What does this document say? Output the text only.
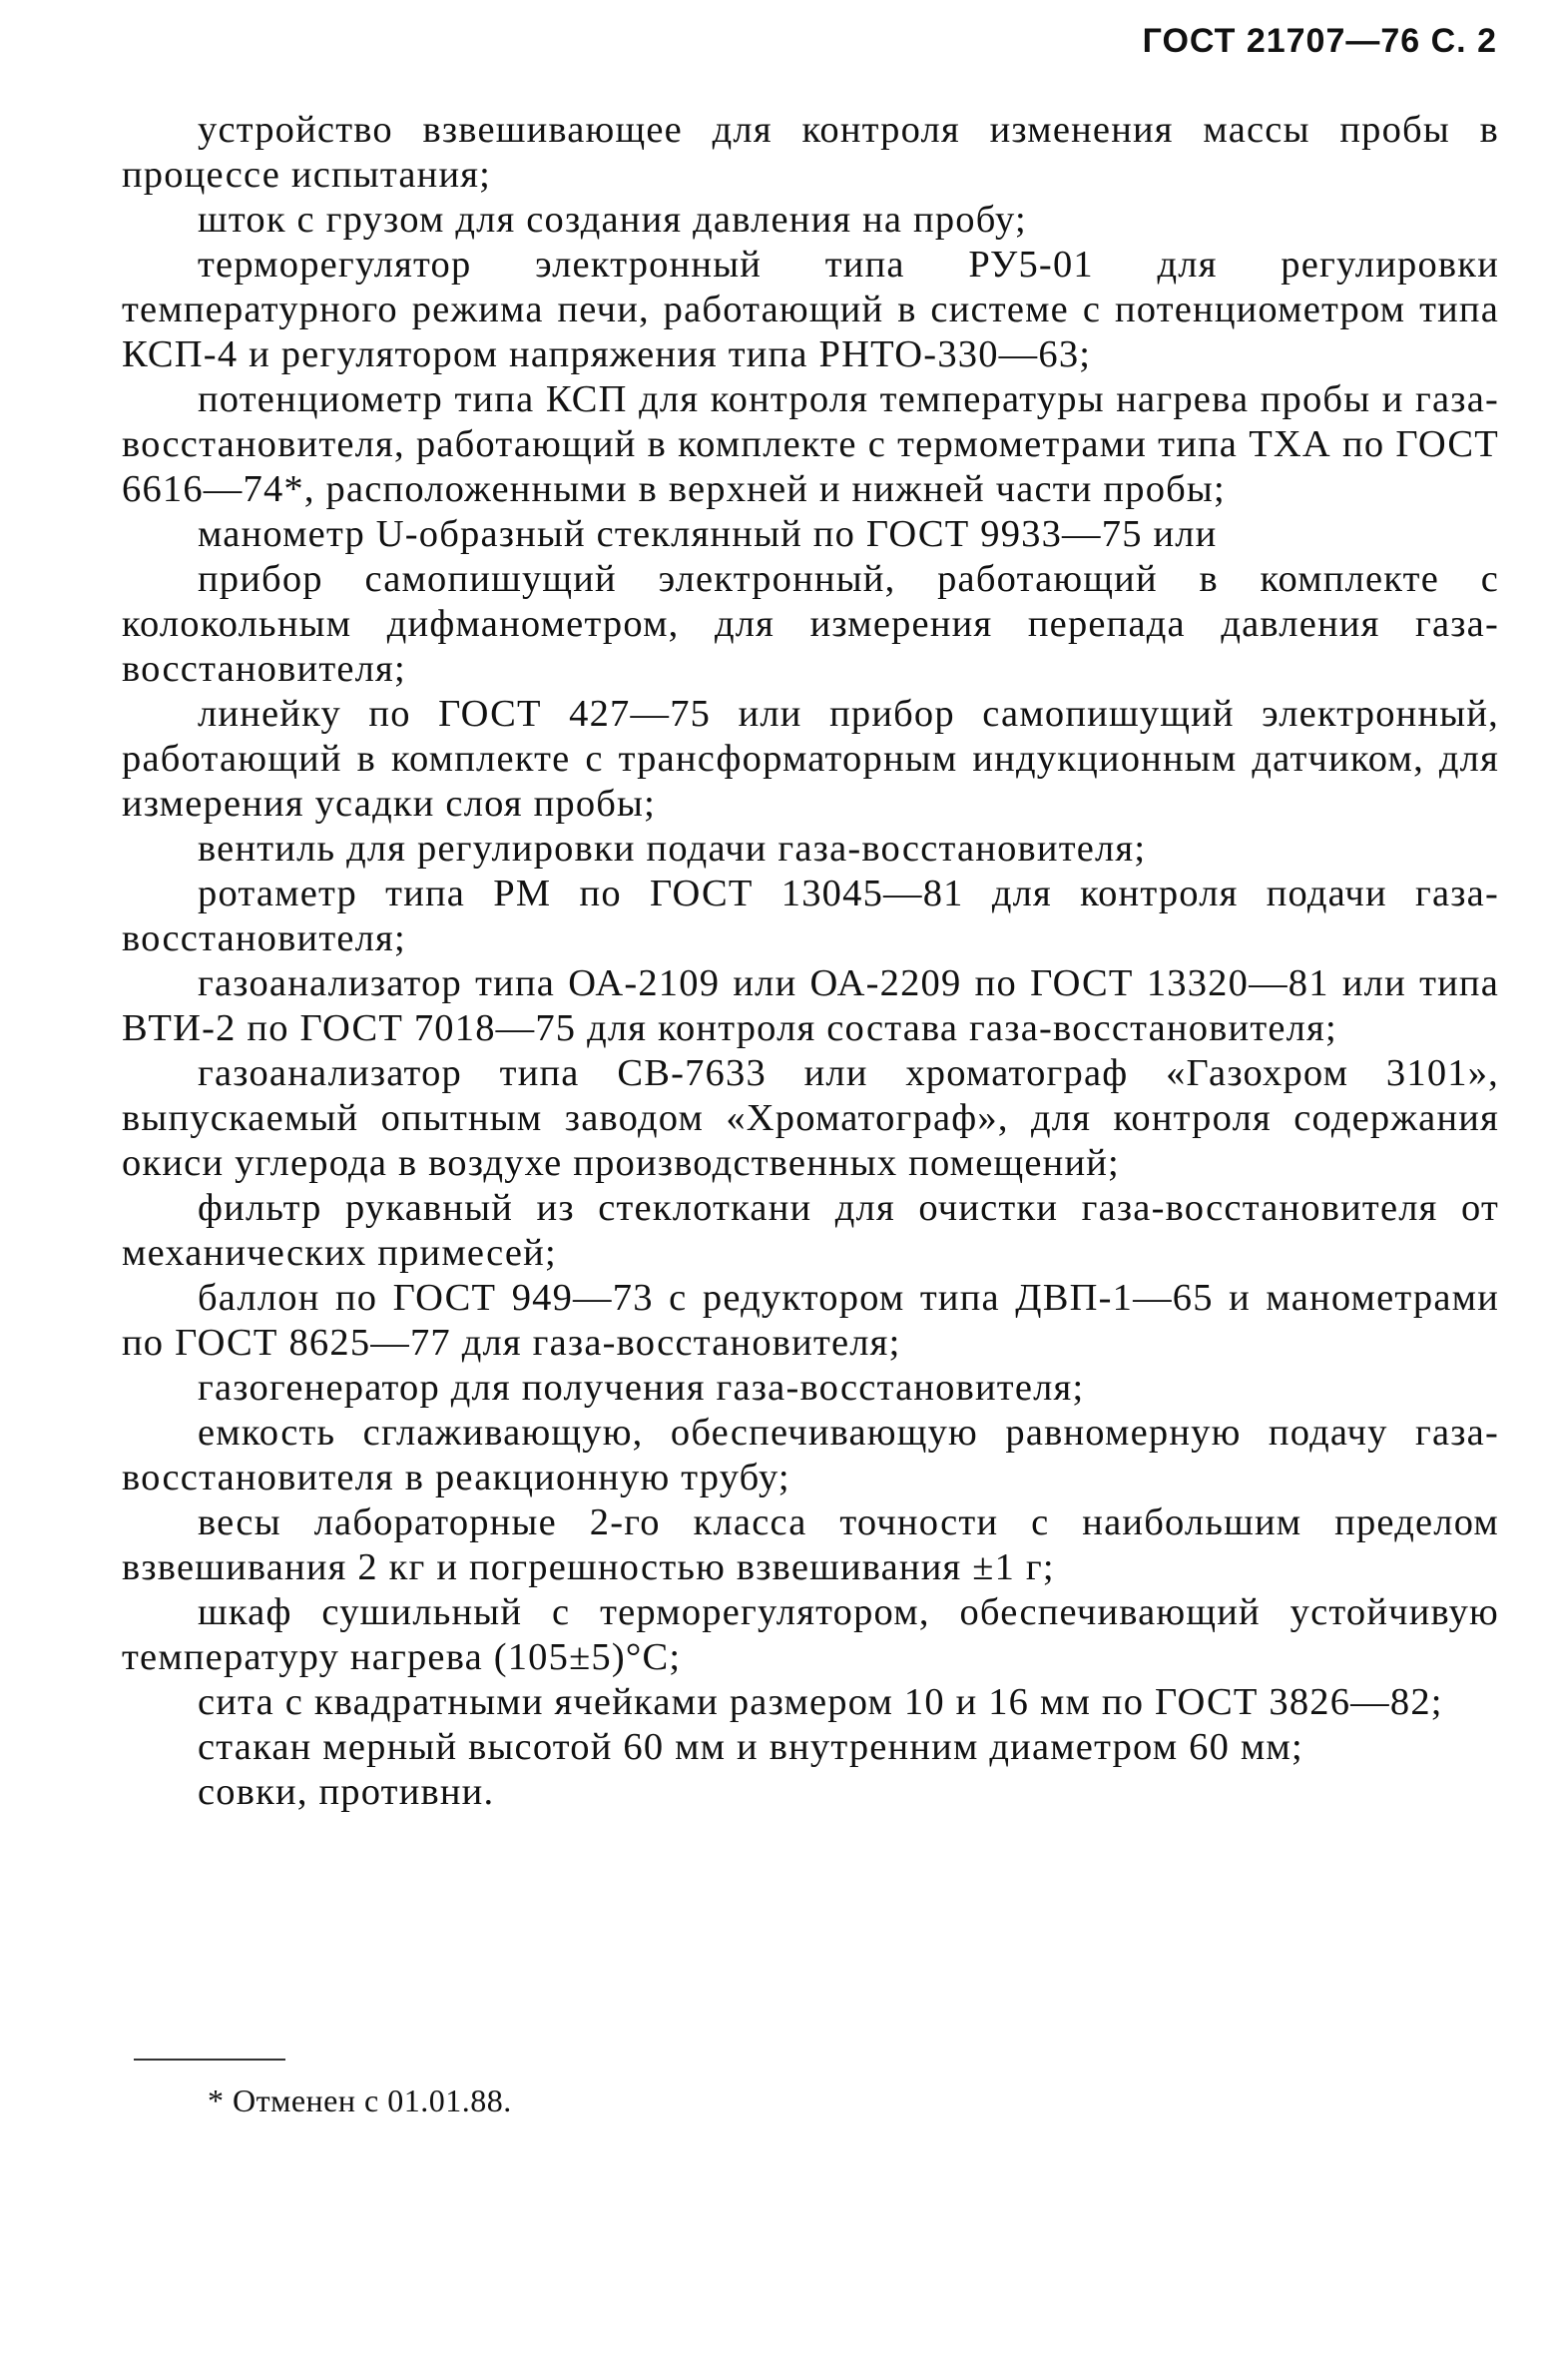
ГОСТ 21707—76 С. 2

устройство взвешивающее для контроля изменения массы пробы в процессе испытания;

шток с грузом для создания давления на пробу;

терморегулятор электронный типа РУ5-01 для регулировки температурного режима печи, работающий в системе с потенциометром типа КСП-4 и регулятором напряжения типа РНТО-330—63;

потенциометр типа КСП для контроля температуры нагрева пробы и газа-восстановителя, работающий в комплекте с термометрами типа ТХА по ГОСТ 6616—74*, расположенными в верхней и нижней части пробы;

манометр U-образный стеклянный по ГОСТ 9933—75 или

прибор самопишущий электронный, работающий в комплекте с колокольным дифманометром, для измерения перепада давления газа-восстановителя;

линейку по ГОСТ 427—75 или прибор самопишущий электронный, работающий в комплекте с трансформаторным индукционным датчиком, для измерения усадки слоя пробы;

вентиль для регулировки подачи газа-восстановителя;

ротаметр типа РМ по ГОСТ 13045—81 для контроля подачи газа-восстановителя;

газоанализатор типа ОА-2109 или ОА-2209 по ГОСТ 13320—81 или типа ВТИ-2 по ГОСТ 7018—75 для контроля состава газа-восстановителя;

газоанализатор типа СВ-7633 или хроматограф «Газохром 3101», выпускаемый опытным заводом «Хроматограф», для контроля содержания окиси углерода в воздухе производственных помещений;

фильтр рукавный из стеклоткани для очистки газа-восстановителя от механических примесей;

баллон по ГОСТ 949—73 с редуктором типа ДВП-1—65 и манометрами по ГОСТ 8625—77 для газа-восстановителя;

газогенератор для получения газа-восстановителя;

емкость сглаживающую, обеспечивающую равномерную подачу газа-восстановителя в реакционную трубу;

весы лабораторные 2-го класса точности с наибольшим пределом взвешивания 2 кг и погрешностью взвешивания ±1 г;

шкаф сушильный с терморегулятором, обеспечивающий устойчивую температуру нагрева (105±5)°С;

сита с квадратными ячейками размером 10 и 16 мм по ГОСТ 3826—82;

стакан мерный высотой 60 мм и внутренним диаметром 60 мм;

совки, противни.

* Отменен с 01.01.88.
